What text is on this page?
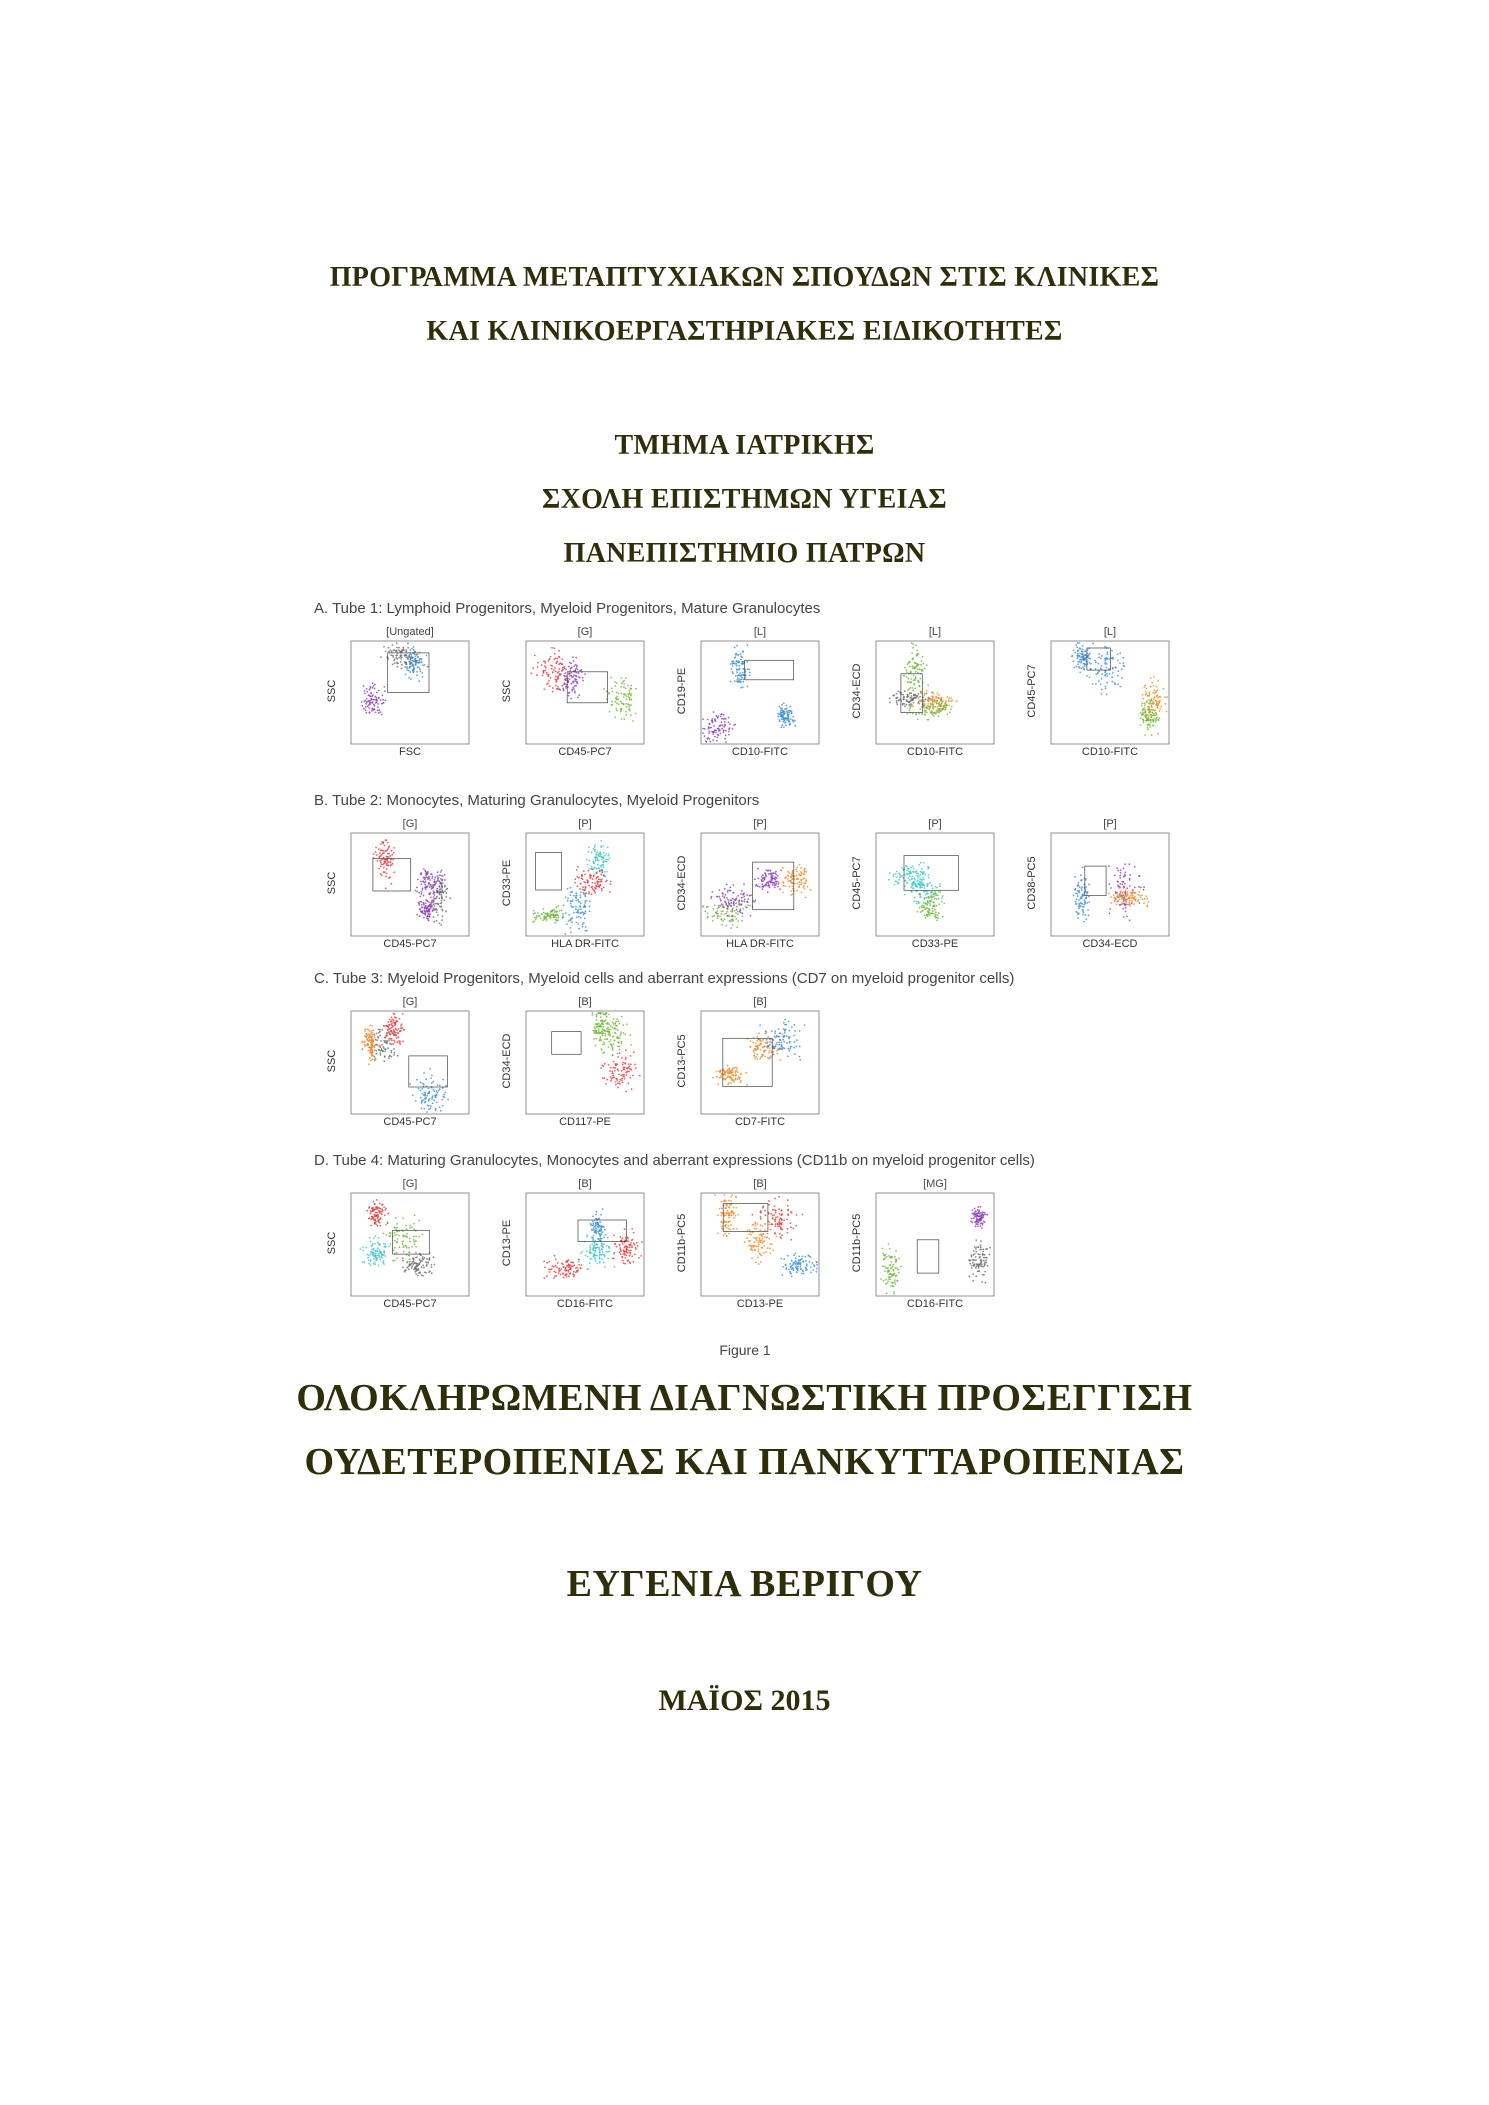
ΠΡΟΓΡΑΜΜΑ ΜΕΤΑΠΤΥΧΙΑΚΩΝ ΣΠΟΥΔΩΝ ΣΤΙΣ ΚΛΙΝΙΚΕΣ
ΚΑΙ ΚΛΙΝΙΚΟΕΡΓΑΣΤΗΡΙΑΚΕΣ ΕΙΔΙΚΟΤΗΤΕΣ
ΤΜΗΜΑ ΙΑΤΡΙΚΗΣ
ΣΧΟΛΗ ΕΠΙΣΤΗΜΩΝ ΥΓΕΙΑΣ
ΠΑΝΕΠΙΣΤΗΜΙΟ ΠΑΤΡΩΝ
Figure 1
A. Tube 1: Lymphoid Progenitors, Myeloid Progenitors, Mature Granulocytes
[Ungated]
FSC
SSC
[G]
CD45-PC7
SSC
[L]
CD10-FITC
CD19-PE
[L]
CD10-FITC
CD34-ECD
[L]
CD10-FITC
CD45-PC7
B. Tube 2: Monocytes, Maturing Granulocytes, Myeloid Progenitors
[G]
CD45-PC7
SSC
[P]
HLA DR-FITC
CD33-PE
[P]
HLA DR-FITC
CD34-ECD
[P]
CD33-PE
CD45-PC7
[P]
CD34-ECD
CD38-PC5
C. Tube 3: Myeloid Progenitors, Myeloid cells and aberrant expressions (CD7 on myeloid progenitor cells)
[G]
CD45-PC7
SSC
[B]
CD117-PE
CD34-ECD
[B]
CD7-FITC
CD13-PC5
D. Tube 4: Maturing Granulocytes, Monocytes and aberrant expressions (CD11b on myeloid progenitor cells)
[G]
CD45-PC7
SSC
[B]
CD16-FITC
CD13-PE
[B]
CD13-PE
CD11b-PC5
[MG]
CD16-FITC
CD11b-PC5
ΟΛΟΚΛΗΡΩΜΕΝΗ ΔΙΑΓΝΩΣΤΙΚΗ ΠΡΟΣΕΓΓΙΣΗ
ΟΥΔΕΤΕΡΟΠΕΝΙΑΣ ΚΑΙ ΠΑΝΚΥΤΤΑΡΟΠΕΝΙΑΣ
ΕΥΓΕΝΙΑ ΒΕΡΙΓΟΥ
ΜΑΪΟΣ 2015
